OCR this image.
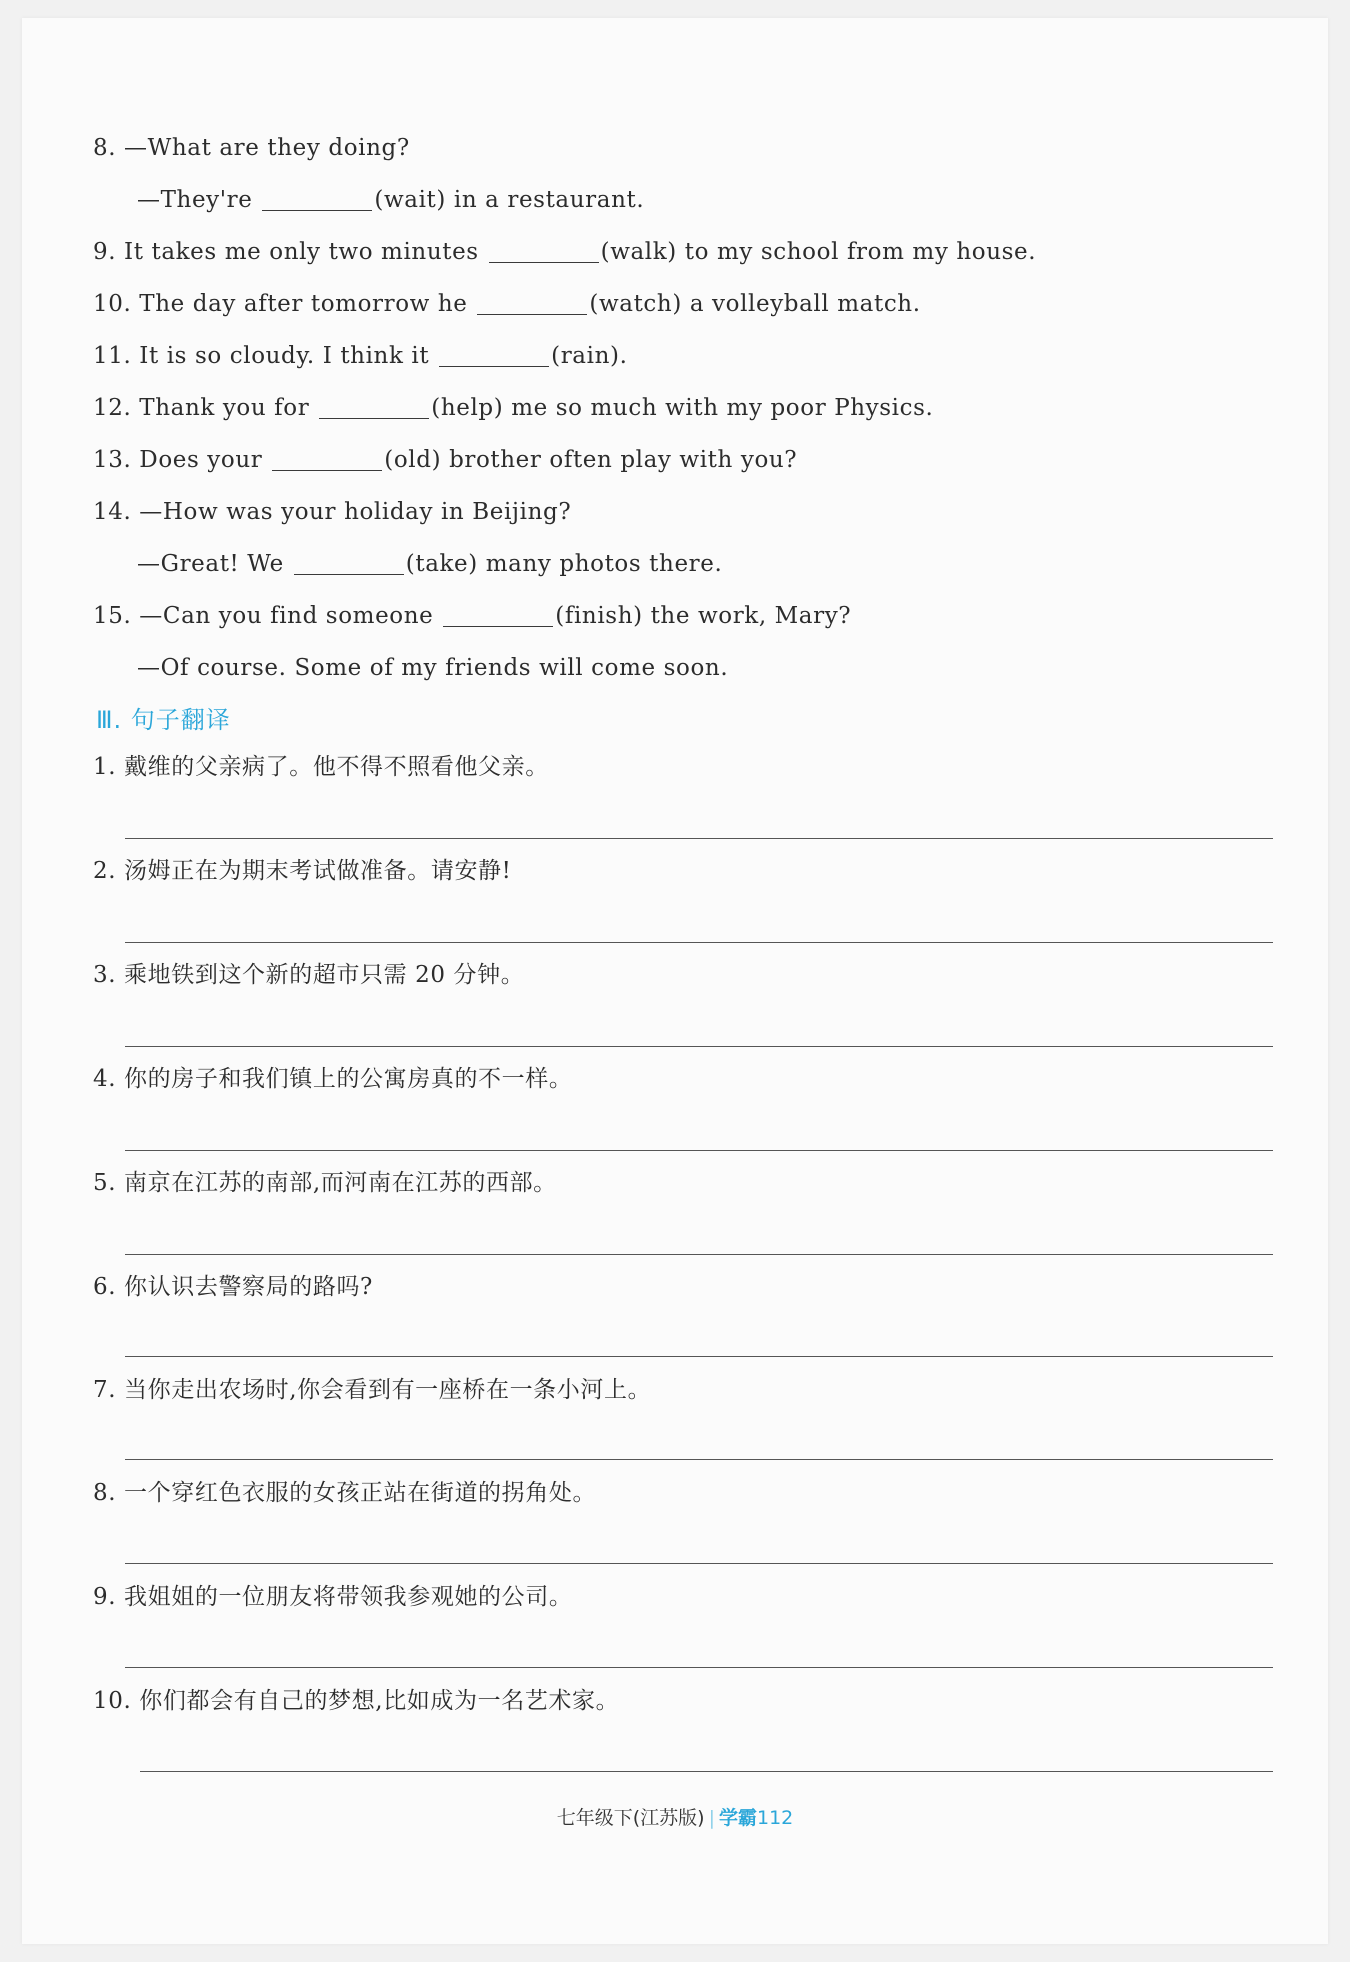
8. —What are they doing?
—They're	(wait) in a restaurant.
9. It takes me only two minutes	(walk) to my school from my house.
10. The day after tomorrow he	(watch) a volleyball match.
11. It is so cloudy. I think it	(rain).
12. Thank you for	(help) me so much with my poor Physics.
13. Does your	(old) brother often play with you?
14. —How was your holiday in Beijing?
—Great! We	(take) many photos there.
15. —Can you find someone	(finish) the work, Mary?
—Of course. Some of my friends will come soon.
Ⅲ. 句子翻译
1. 戴维的父亲病了。他不得不照看他父亲。
2. 汤姆正在为期末考试做准备。请安静!
3. 乘地铁到这个新的超市只需 20 分钟。
4. 你的房子和我们镇上的公寓房真的不一样。
5. 南京在江苏的南部,而河南在江苏的西部。
6. 你认识去警察局的路吗?
7. 当你走出农场时,你会看到有一座桥在一条小河上。
8. 一个穿红色衣服的女孩正站在街道的拐角处。
9. 我姐姐的一位朋友将带领我参观她的公司。
10. 你们都会有自己的梦想,比如成为一名艺术家。
七年级下(江苏版) | 学霸112
